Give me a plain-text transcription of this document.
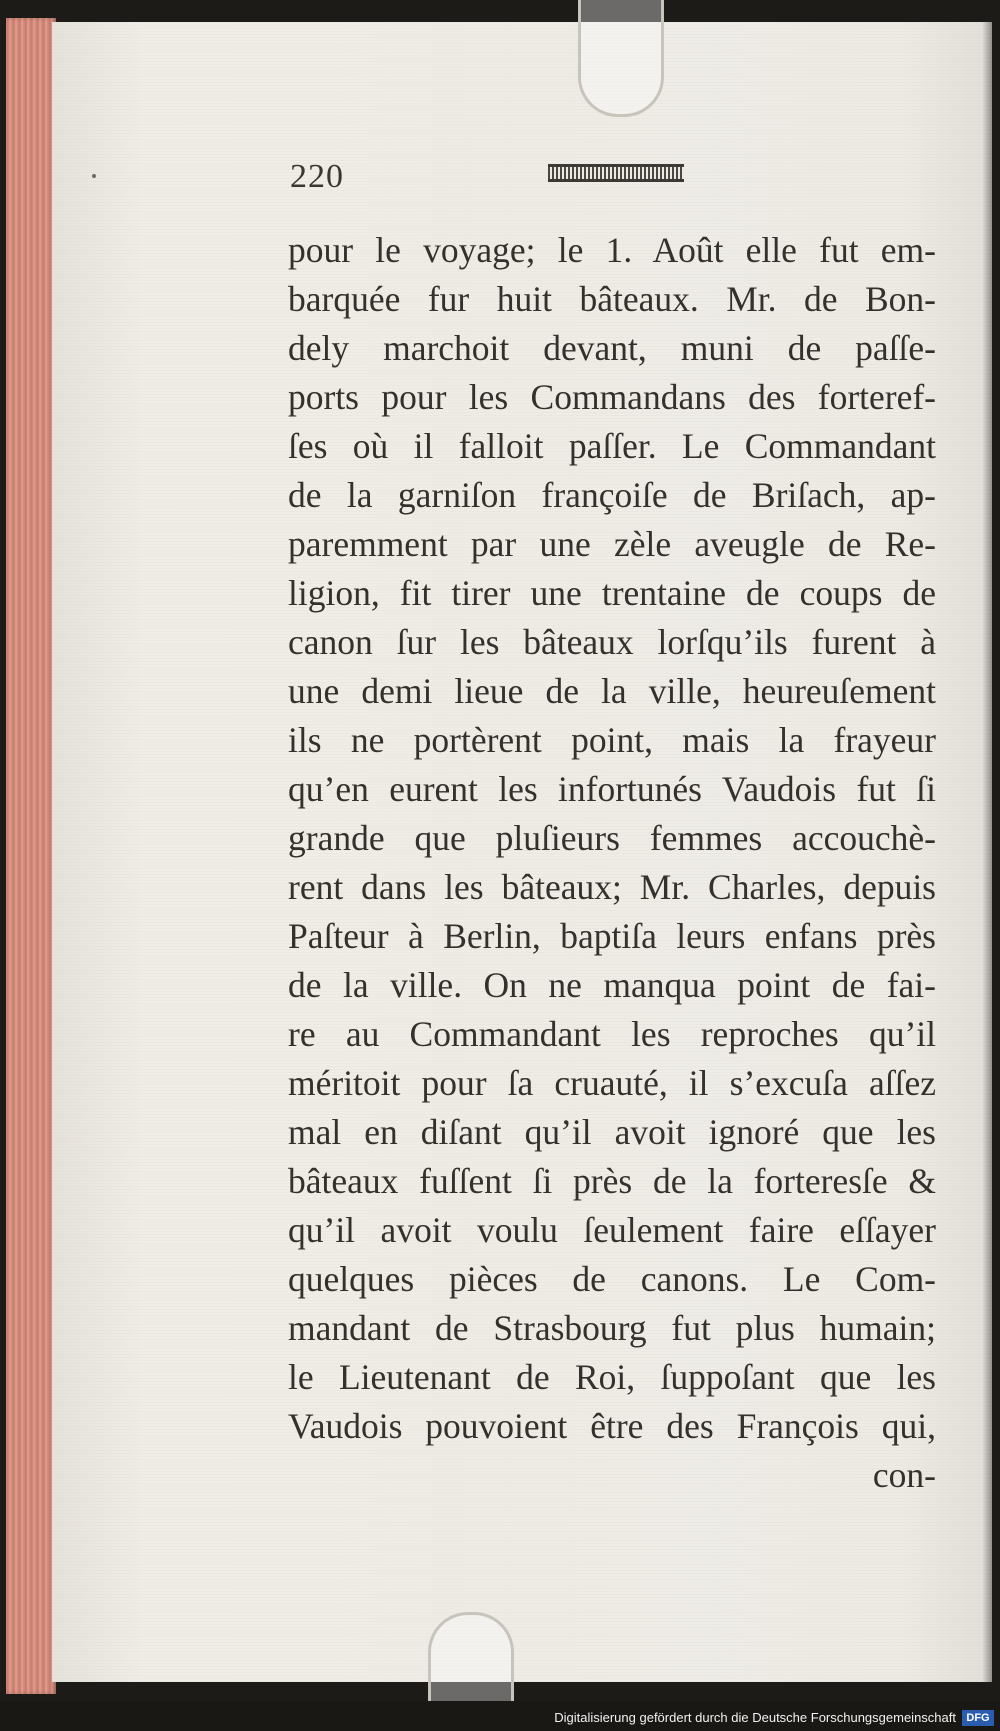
220
pour le voyage; le 1. Août elle fut em-
barquée fur huit bâteaux. Mr. de Bon-
dely marchoit devant, muni de paſſe-
ports pour les Commandans des forteref-
ſes où il falloit paſſer. Le Commandant
de la garniſon françoiſe de Briſach, ap-
paremment par une zèle aveugle de Re-
ligion, fit tirer une trentaine de coups de
canon ſur les bâteaux lorſqu’ils furent à
une demi lieue de la ville, heureuſement
ils ne portèrent point, mais la frayeur
qu’en eurent les infortunés Vaudois fut ſi
grande que pluſieurs femmes accouchè-
rent dans les bâteaux; Mr. Charles, depuis
Paſteur à Berlin, baptiſa leurs enfans près
de la ville. On ne manqua point de fai-
re au Commandant les reproches qu’il
méritoit pour ſa cruauté, il s’excuſa aſſez
mal en diſant qu’il avoit ignoré que les
bâteaux fuſſent ſi près de la forteresſe &
qu’il avoit voulu ſeulement faire eſſayer
quelques pièces de canons. Le Com-
mandant de Strasbourg fut plus humain;
le Lieutenant de Roi, ſuppoſant que les
Vaudois pouvoient être des François qui,
con-
Digitalisierung gefördert durch die Deutsche Forschungsgemeinschaft DFG
